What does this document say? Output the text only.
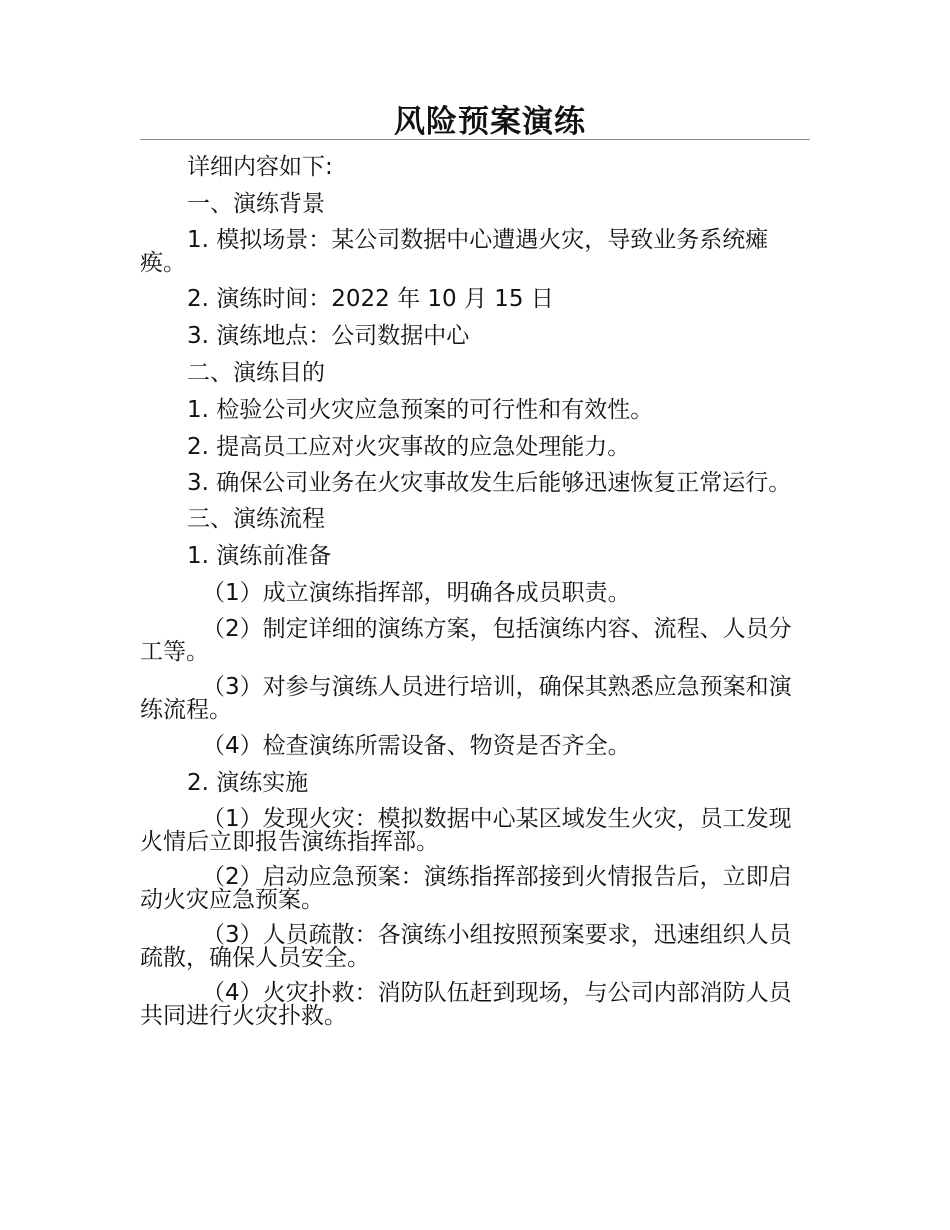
风险预案演练

详细内容如下:

一、演练背景

1. 模拟场景：某公司数据中心遭遇火灾，导致业务系统瘫痪。

2. 演练时间：2022 年 10 月 15 日

3. 演练地点：公司数据中心

二、演练目的

1. 检验公司火灾应急预案的可行性和有效性。

2. 提高员工应对火灾事故的应急处理能力。

3. 确保公司业务在火灾事故发生后能够迅速恢复正常运行。

三、演练流程

1. 演练前准备

（1）成立演练指挥部，明确各成员职责。

（2）制定详细的演练方案，包括演练内容、流程、人员分工等。

（3）对参与演练人员进行培训，确保其熟悉应急预案和演练流程。

（4）检查演练所需设备、物资是否齐全。

2. 演练实施

（1）发现火灾：模拟数据中心某区域发生火灾，员工发现火情后立即报告演练指挥部。

（2）启动应急预案：演练指挥部接到火情报告后，立即启动火灾应急预案。

（3）人员疏散：各演练小组按照预案要求，迅速组织人员疏散，确保人员安全。

（4）火灾扑救：消防队伍赶到现场，与公司内部消防人员共同进行火灾扑救。
